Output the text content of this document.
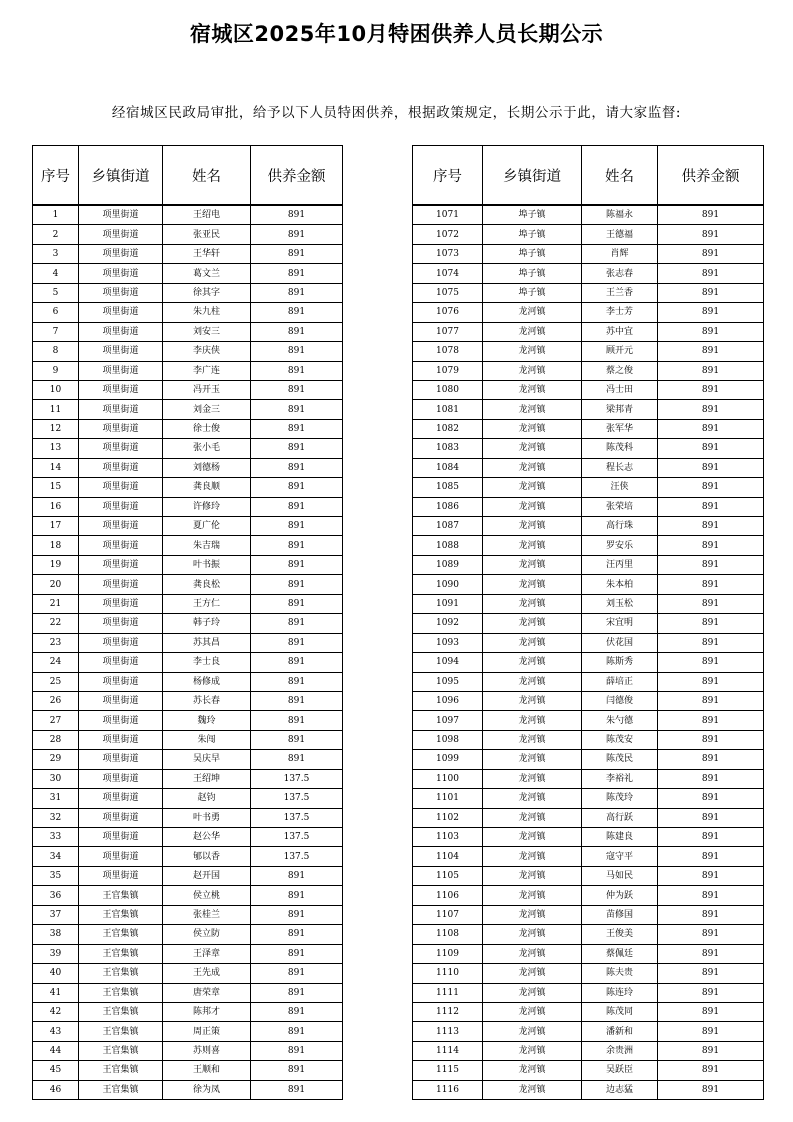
宿城区2025年10月特困供养人员长期公示
经宿城区民政局审批，给予以下人员特困供养，根据政策规定，长期公示于此，请大家监督:
序号	乡镇街道	姓名	供养金额
1	项里街道	王绍电	891
2	项里街道	张亚民	891
3	项里街道	王华轩	891
4	项里街道	葛文兰	891
5	项里街道	徐其字	891
6	项里街道	朱九柱	891
7	项里街道	刘安三	891
8	项里街道	李庆侠	891
9	项里街道	李广连	891
10	项里街道	冯开玉	891
11	项里街道	刘金三	891
12	项里街道	徐士俊	891
13	项里街道	张小毛	891
14	项里街道	刘德杨	891
15	项里街道	龚良顺	891
16	项里街道	许修玲	891
17	项里街道	夏广伦	891
18	项里街道	朱吉瑞	891
19	项里街道	叶书振	891
20	项里街道	龚良松	891
21	项里街道	王方仁	891
22	项里街道	韩子玲	891
23	项里街道	苏其昌	891
24	项里街道	李士良	891
25	项里街道	杨修成	891
26	项里街道	苏长春	891
27	项里街道	魏玲	891
28	项里街道	朱闯	891
29	项里街道	吴庆早	891
30	项里街道	王绍坤	137.5
31	项里街道	赵钧	137.5
32	项里街道	叶书勇	137.5
33	项里街道	赵公华	137.5
34	项里街道	郇以香	137.5
35	项里街道	赵开国	891
36	王官集镇	侯立桃	891
37	王官集镇	张桂兰	891
38	王官集镇	侯立防	891
39	王官集镇	王泽章	891
40	王官集镇	王先成	891
41	王官集镇	唐荣章	891
42	王官集镇	陈邦才	891
43	王官集镇	周正策	891
44	王官集镇	苏则喜	891
45	王官集镇	王顺和	891
46	王官集镇	徐为凤	891
序号	乡镇街道	姓名	供养金额
1071	埠子镇	陈福永	891
1072	埠子镇	王德福	891
1073	埠子镇	肖辉	891
1074	埠子镇	张志春	891
1075	埠子镇	王兰香	891
1076	龙河镇	李士芳	891
1077	龙河镇	苏中宜	891
1078	龙河镇	顾开元	891
1079	龙河镇	蔡之俊	891
1080	龙河镇	冯士田	891
1081	龙河镇	梁邦青	891
1082	龙河镇	张军华	891
1083	龙河镇	陈茂科	891
1084	龙河镇	程长志	891
1085	龙河镇	汪侠	891
1086	龙河镇	张荣培	891
1087	龙河镇	高行珠	891
1088	龙河镇	罗安乐	891
1089	龙河镇	汪丙里	891
1090	龙河镇	朱本柏	891
1091	龙河镇	刘玉松	891
1092	龙河镇	宋宜明	891
1093	龙河镇	伏花国	891
1094	龙河镇	陈斯秀	891
1095	龙河镇	薛培正	891
1096	龙河镇	闫德俊	891
1097	龙河镇	朱勺德	891
1098	龙河镇	陈茂安	891
1099	龙河镇	陈茂民	891
1100	龙河镇	李裕礼	891
1101	龙河镇	陈茂玲	891
1102	龙河镇	高行跃	891
1103	龙河镇	陈建良	891
1104	龙河镇	寇守平	891
1105	龙河镇	马如民	891
1106	龙河镇	仲为跃	891
1107	龙河镇	苗修国	891
1108	龙河镇	王俊美	891
1109	龙河镇	蔡佩廷	891
1110	龙河镇	陈夫贵	891
1111	龙河镇	陈连玲	891
1112	龙河镇	陈茂同	891
1113	龙河镇	潘新和	891
1114	龙河镇	余贵洲	891
1115	龙河镇	吴跃臣	891
1116	龙河镇	边志猛	891
